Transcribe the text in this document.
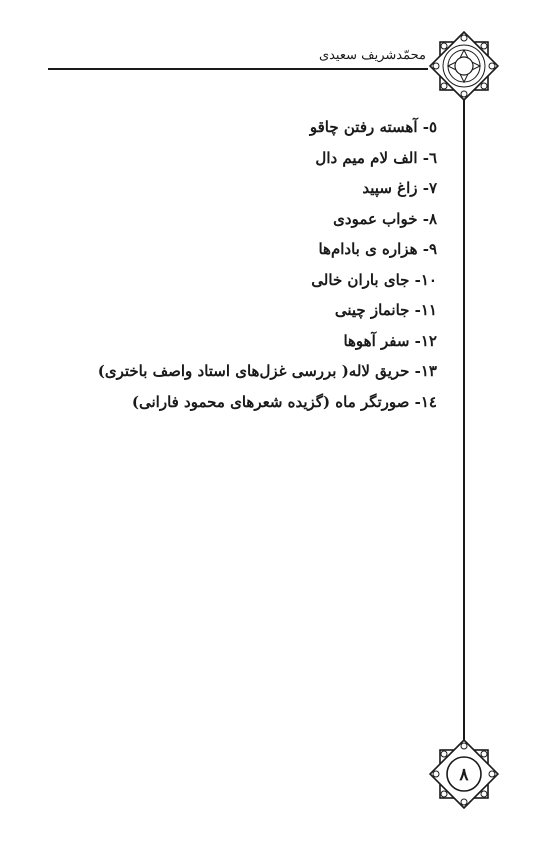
محمّدشریف سعیدی
٥- آهسته رفتن چاقو
٦- الف لام میم دال
٧- زاغ سپید
٨- خواب عمودی
٩- هزاره ی بادام‌ها
١٠- جای باران خالی
١١- جانماز چینی
١٢- سفر آهوها
١٣- حریق لاله( بررسی غزل‌های استاد واصف باختری)
١٤- صورتگر ماه (گزیده شعرهای محمود فارانی)
٨
